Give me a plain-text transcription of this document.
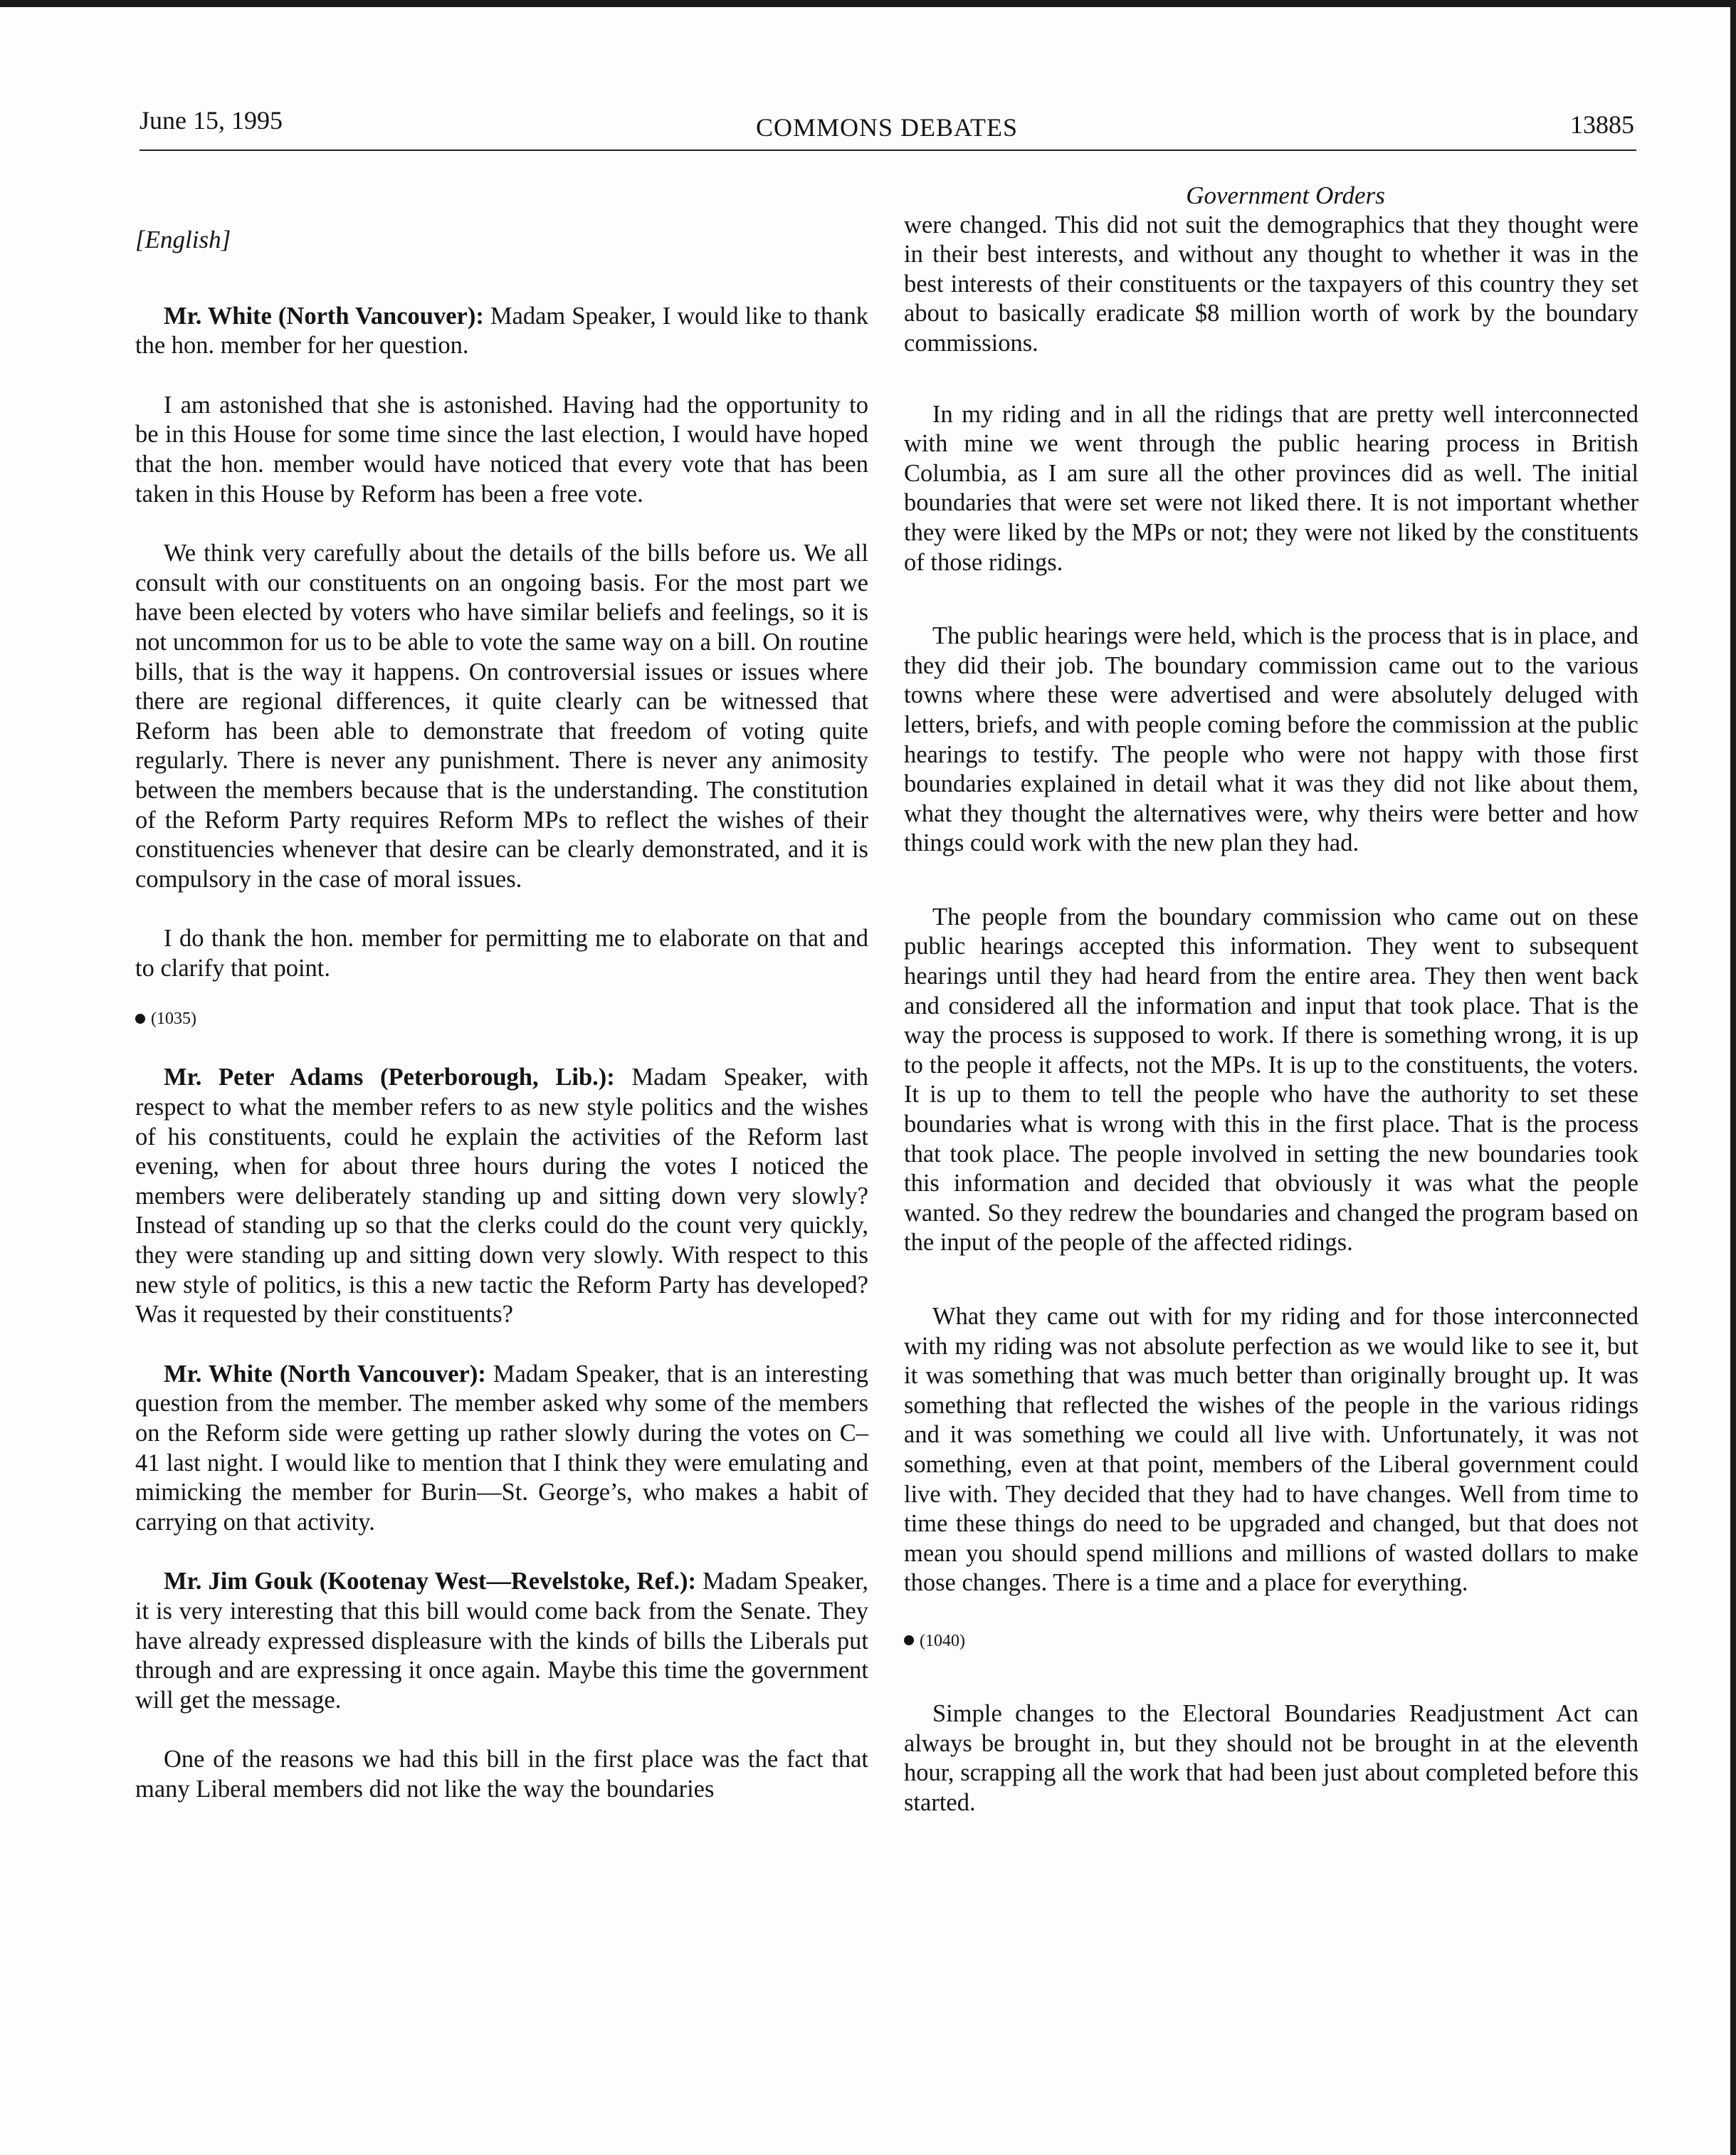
June 15, 1995	COMMONS DEBATES	13885

[English]

Mr. White (North Vancouver): Madam Speaker, I would like to thank the hon. member for her question.

I am astonished that she is astonished. Having had the opportunity to be in this House for some time since the last election, I would have hoped that the hon. member would have noticed that every vote that has been taken in this House by Reform has been a free vote.

We think very carefully about the details of the bills before us. We all consult with our constituents on an ongoing basis. For the most part we have been elected by voters who have similar beliefs and feelings, so it is not uncommon for us to be able to vote the same way on a bill. On routine bills, that is the way it happens. On controversial issues or issues where there are regional differences, it quite clearly can be witnessed that Reform has been able to demonstrate that freedom of voting quite regularly. There is never any punishment. There is never any animosity between the members because that is the understanding. The constitution of the Reform Party requires Reform MPs to reflect the wishes of their constituencies whenever that desire can be clearly demonstrated, and it is compulsory in the case of moral issues.

I do thank the hon. member for permitting me to elaborate on that and to clarify that point.

(1035)

Mr. Peter Adams (Peterborough, Lib.): Madam Speaker, with respect to what the member refers to as new style politics and the wishes of his constituents, could he explain the activities of the Reform last evening, when for about three hours during the votes I noticed the members were deliberately standing up and sitting down very slowly? Instead of standing up so that the clerks could do the count very quickly, they were standing up and sitting down very slowly. With respect to this new style of politics, is this a new tactic the Reform Party has developed? Was it requested by their constituents?

Mr. White (North Vancouver): Madam Speaker, that is an interesting question from the member. The member asked why some of the members on the Reform side were getting up rather slowly during the votes on C–41 last night. I would like to mention that I think they were emulating and mimicking the member for Burin—St. George’s, who makes a habit of carrying on that activity.

Mr. Jim Gouk (Kootenay West—Revelstoke, Ref.): Madam Speaker, it is very interesting that this bill would come back from the Senate. They have already expressed displeasure with the kinds of bills the Liberals put through and are expressing it once again. Maybe this time the government will get the message.

One of the reasons we had this bill in the first place was the fact that many Liberal members did not like the way the boundaries

Government Orders

were changed. This did not suit the demographics that they thought were in their best interests, and without any thought to whether it was in the best interests of their constituents or the taxpayers of this country they set about to basically eradicate $8 million worth of work by the boundary commissions.

In my riding and in all the ridings that are pretty well interconnected with mine we went through the public hearing process in British Columbia, as I am sure all the other provinces did as well. The initial boundaries that were set were not liked there. It is not important whether they were liked by the MPs or not; they were not liked by the constituents of those ridings.

The public hearings were held, which is the process that is in place, and they did their job. The boundary commission came out to the various towns where these were advertised and were absolutely deluged with letters, briefs, and with people coming before the commission at the public hearings to testify. The people who were not happy with those first boundaries explained in detail what it was they did not like about them, what they thought the alternatives were, why theirs were better and how things could work with the new plan they had.

The people from the boundary commission who came out on these public hearings accepted this information. They went to subsequent hearings until they had heard from the entire area. They then went back and considered all the information and input that took place. That is the way the process is supposed to work. If there is something wrong, it is up to the people it affects, not the MPs. It is up to the constituents, the voters. It is up to them to tell the people who have the authority to set these boundaries what is wrong with this in the first place. That is the process that took place. The people involved in setting the new boundaries took this information and decided that obviously it was what the people wanted. So they redrew the boundaries and changed the program based on the input of the people of the affected ridings.

What they came out with for my riding and for those interconnected with my riding was not absolute perfection as we would like to see it, but it was something that was much better than originally brought up. It was something that reflected the wishes of the people in the various ridings and it was something we could all live with. Unfortunately, it was not something, even at that point, members of the Liberal government could live with. They decided that they had to have changes. Well from time to time these things do need to be upgraded and changed, but that does not mean you should spend millions and millions of wasted dollars to make those changes. There is a time and a place for everything.

(1040)

Simple changes to the Electoral Boundaries Readjustment Act can always be brought in, but they should not be brought in at the eleventh hour, scrapping all the work that had been just about completed before this started.
